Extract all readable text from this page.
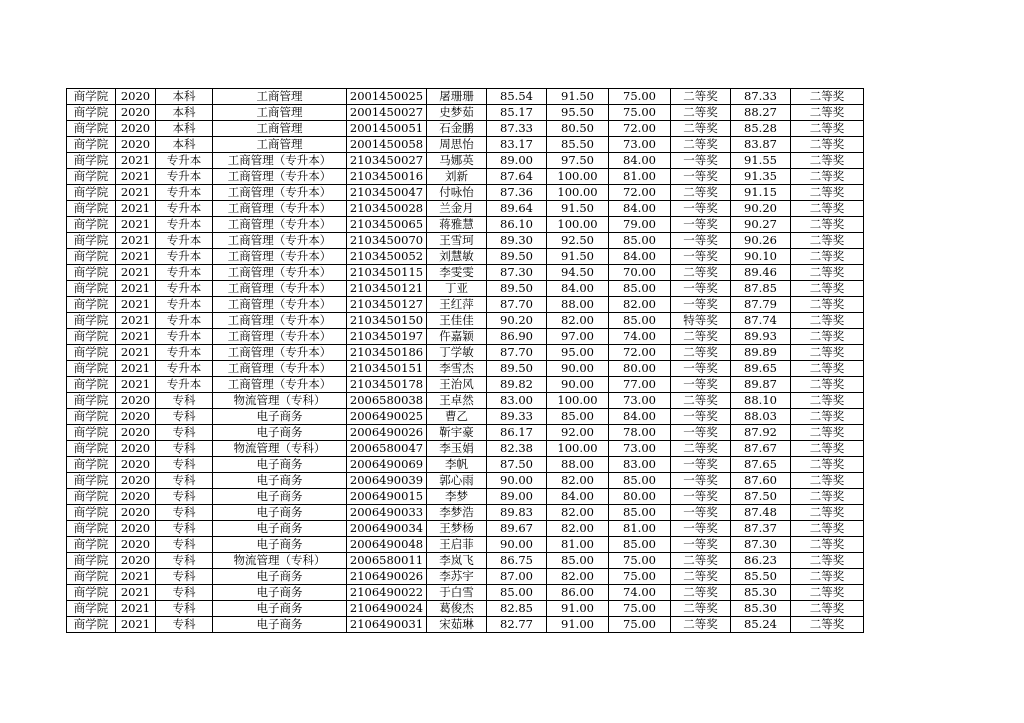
商学院	2020	本科	工商管理	2001450025	屠珊珊	85.54	91.50	75.00	二等奖	87.33	二等奖
商学院	2020	本科	工商管理	2001450027	史梦茹	85.17	95.50	75.00	二等奖	88.27	二等奖
商学院	2020	本科	工商管理	2001450051	石金鹏	87.33	80.50	72.00	二等奖	85.28	二等奖
商学院	2020	本科	工商管理	2001450058	周思怡	83.17	85.50	73.00	二等奖	83.87	二等奖
商学院	2021	专升本	工商管理（专升本）	2103450027	马娜英	89.00	97.50	84.00	一等奖	91.55	二等奖
商学院	2021	专升本	工商管理（专升本）	2103450016	刘新	87.64	100.00	81.00	一等奖	91.35	二等奖
商学院	2021	专升本	工商管理（专升本）	2103450047	付咏怡	87.36	100.00	72.00	二等奖	91.15	二等奖
商学院	2021	专升本	工商管理（专升本）	2103450028	兰金月	89.64	91.50	84.00	一等奖	90.20	二等奖
商学院	2021	专升本	工商管理（专升本）	2103450065	蒋雅慧	86.10	100.00	79.00	一等奖	90.27	二等奖
商学院	2021	专升本	工商管理（专升本）	2103450070	王雪珂	89.30	92.50	85.00	一等奖	90.26	二等奖
商学院	2021	专升本	工商管理（专升本）	2103450052	刘慧敏	89.50	91.50	84.00	一等奖	90.10	二等奖
商学院	2021	专升本	工商管理（专升本）	2103450115	李雯雯	87.30	94.50	70.00	二等奖	89.46	二等奖
商学院	2021	专升本	工商管理（专升本）	2103450121	丁亚	89.50	84.00	85.00	一等奖	87.85	二等奖
商学院	2021	专升本	工商管理（专升本）	2103450127	王红萍	87.70	88.00	82.00	一等奖	87.79	二等奖
商学院	2021	专升本	工商管理（专升本）	2103450150	王佳佳	90.20	82.00	85.00	特等奖	87.74	二等奖
商学院	2021	专升本	工商管理（专升本）	2103450197	仵嘉颖	86.90	97.00	74.00	二等奖	89.93	二等奖
商学院	2021	专升本	工商管理（专升本）	2103450186	丁学敏	87.70	95.00	72.00	二等奖	89.89	二等奖
商学院	2021	专升本	工商管理（专升本）	2103450151	李雪杰	89.50	90.00	80.00	一等奖	89.65	二等奖
商学院	2021	专升本	工商管理（专升本）	2103450178	王治风	89.82	90.00	77.00	一等奖	89.87	二等奖
商学院	2020	专科	物流管理（专科）	2006580038	王卓然	83.00	100.00	73.00	二等奖	88.10	二等奖
商学院	2020	专科	电子商务	2006490025	曹乙	89.33	85.00	84.00	一等奖	88.03	二等奖
商学院	2020	专科	电子商务	2006490026	靳宇豪	86.17	92.00	78.00	一等奖	87.92	二等奖
商学院	2020	专科	物流管理（专科）	2006580047	李玉娟	82.38	100.00	73.00	二等奖	87.67	二等奖
商学院	2020	专科	电子商务	2006490069	李帆	87.50	88.00	83.00	一等奖	87.65	二等奖
商学院	2020	专科	电子商务	2006490039	郭心雨	90.00	82.00	85.00	一等奖	87.60	二等奖
商学院	2020	专科	电子商务	2006490015	李梦	89.00	84.00	80.00	一等奖	87.50	二等奖
商学院	2020	专科	电子商务	2006490033	李梦浩	89.83	82.00	85.00	一等奖	87.48	二等奖
商学院	2020	专科	电子商务	2006490034	王梦杨	89.67	82.00	81.00	一等奖	87.37	二等奖
商学院	2020	专科	电子商务	2006490048	王启菲	90.00	81.00	85.00	一等奖	87.30	二等奖
商学院	2020	专科	物流管理（专科）	2006580011	李岚飞	86.75	85.00	75.00	二等奖	86.23	二等奖
商学院	2021	专科	电子商务	2106490026	李苏宇	87.00	82.00	75.00	二等奖	85.50	二等奖
商学院	2021	专科	电子商务	2106490022	于白雪	85.00	86.00	74.00	二等奖	85.30	二等奖
商学院	2021	专科	电子商务	2106490024	葛俊杰	82.85	91.00	75.00	二等奖	85.30	二等奖
商学院	2021	专科	电子商务	2106490031	宋茹琳	82.77	91.00	75.00	二等奖	85.24	二等奖
